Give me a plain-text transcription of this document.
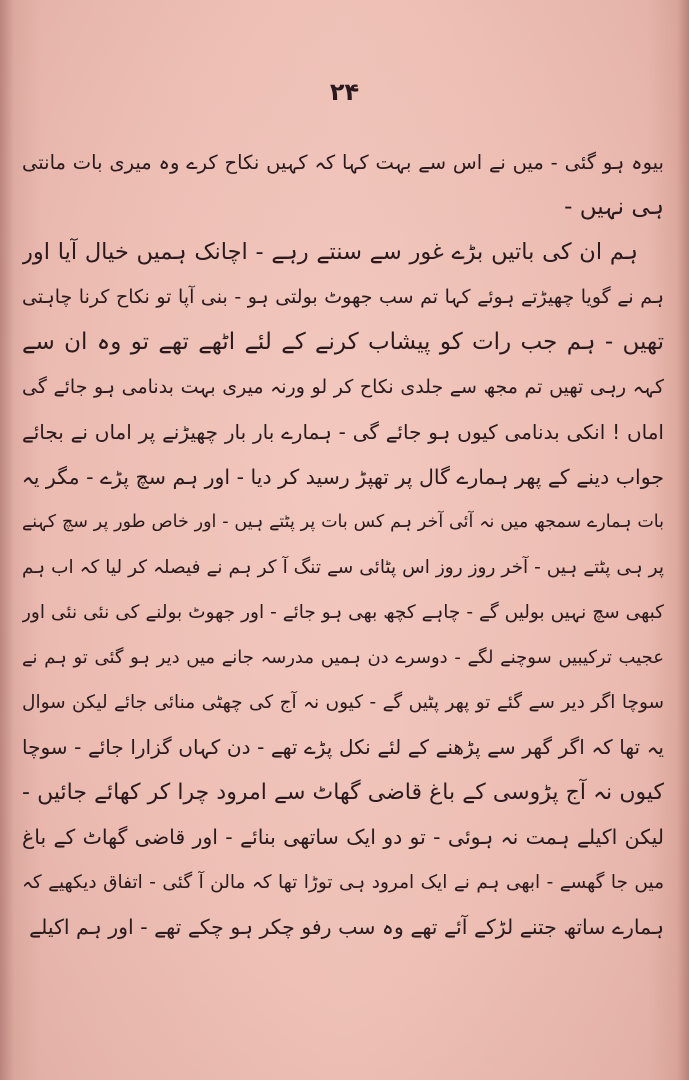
۲۴
بیوہ ہو گئی - میں نے اس سے بہت کہا کہ کہیں نکاح کرے وہ میری بات مانتی
ہی نہیں -
ہم ان کی باتیں بڑے غور سے سنتے رہے - اچانک ہمیں خیال آیا اور
ہم نے گویا چھیڑتے ہوئے کہا تم سب جھوٹ بولتی ہو - بنی آپا تو نکاح کرنا چاہتی
تھیں - ہم جب رات کو پیشاب کرنے کے لئے اٹھے تھے تو وہ ان سے
کہہ رہی تھیں تم مجھ سے جلدی نکاح کر لو ورنہ میری بہت بدنامی ہو جائے گی
اماں ! انکی بدنامی کیوں ہو جائے گی - ہمارے بار بار چھیڑنے پر اماں نے بجائے
جواب دینے کے پھر ہمارے گال پر تھپڑ رسید کر دیا - اور ہم سچ پڑے - مگر یہ
بات ہمارے سمجھ میں نہ آئی آخر ہم کس بات پر پٹتے ہیں - اور خاص طور پر سچ کہنے
پر ہی پٹتے ہیں - آخر روز روز اس پٹائی سے تنگ آ کر ہم نے فیصلہ کر لیا کہ اب ہم
کبھی سچ نہیں بولیں گے - چاہے کچھ بھی ہو جائے - اور جھوٹ بولنے کی نئی نئی اور
عجیب ترکیبیں سوچنے لگے - دوسرے دن ہمیں مدرسہ جانے میں دیر ہو گئی تو ہم نے
سوچا اگر دیر سے گئے تو پھر پٹیں گے - کیوں نہ آج کی چھٹی منائی جائے لیکن سوال
یہ تھا کہ اگر گھر سے پڑھنے کے لئے نکل پڑے تھے - دن کہاں گزارا جائے - سوچا
کیوں نہ آج پڑوسی کے باغ قاضی گھاٹ سے امرود چرا کر کھائے جائیں -
لیکن اکیلے ہمت نہ ہوئی - تو دو ایک ساتھی بنائے - اور قاضی گھاٹ کے باغ
میں جا گھسے - ابھی ہم نے ایک امرود ہی توڑا تھا کہ مالن آ گئی - اتفاق دیکھیے کہ
ہمارے ساتھ جتنے لڑکے آئے تھے وہ سب رفو چکر ہو چکے تھے - اور ہم اکیلے
